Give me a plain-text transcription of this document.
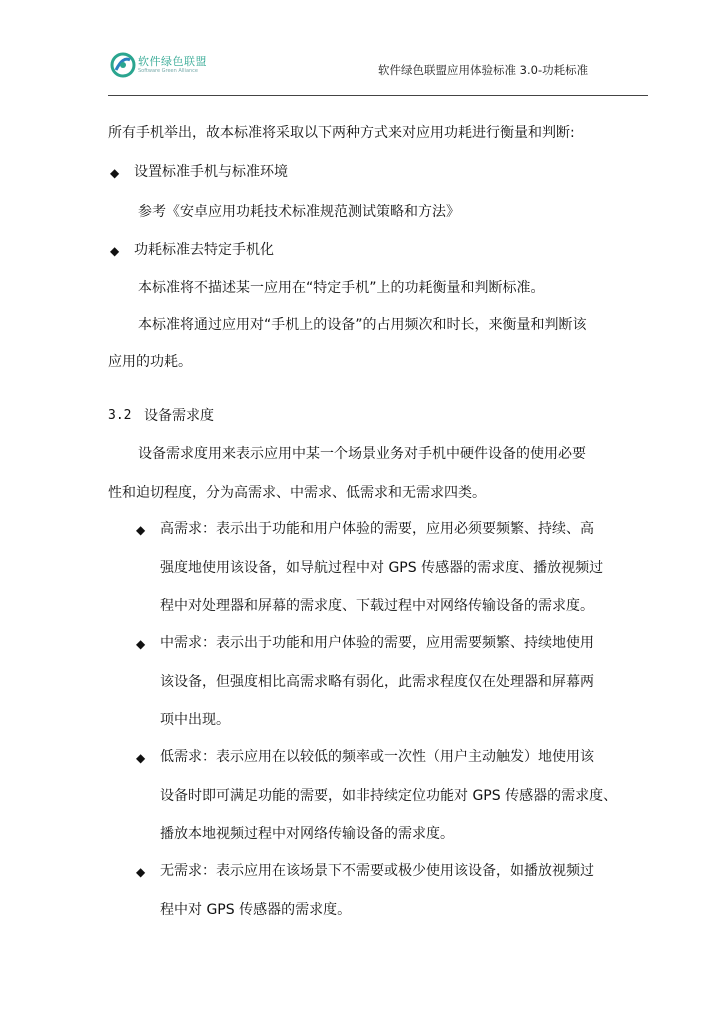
软件绿色联盟
Software Green Alliance	软件绿色联盟应用体验标准 3.0-功耗标准
所有手机举出，故本标准将采取以下两种方式来对应用功耗进行衡量和判断:
◆ 设置标准手机与标准环境
参考《安卓应用功耗技术标准规范测试策略和方法》
◆ 功耗标准去特定手机化
本标准将不描述某一应用在“特定手机”上的功耗衡量和判断标准。
本标准将通过应用对“手机上的设备”的占用频次和时长，来衡量和判断该
应用的功耗。
3.2 设备需求度
设备需求度用来表示应用中某一个场景业务对手机中硬件设备的使用必要
性和迫切程度，分为高需求、中需求、低需求和无需求四类。
◆ 高需求：表示出于功能和用户体验的需要，应用必须要频繁、持续、高
强度地使用该设备，如导航过程中对 GPS 传感器的需求度、播放视频过
程中对处理器和屏幕的需求度、下载过程中对网络传输设备的需求度。
◆ 中需求：表示出于功能和用户体验的需要，应用需要频繁、持续地使用
该设备，但强度相比高需求略有弱化，此需求程度仅在处理器和屏幕两
项中出现。
◆ 低需求：表示应用在以较低的频率或一次性（用户主动触发）地使用该
设备时即可满足功能的需要，如非持续定位功能对 GPS 传感器的需求度、
播放本地视频过程中对网络传输设备的需求度。
◆ 无需求：表示应用在该场景下不需要或极少使用该设备，如播放视频过
程中对 GPS 传感器的需求度。
